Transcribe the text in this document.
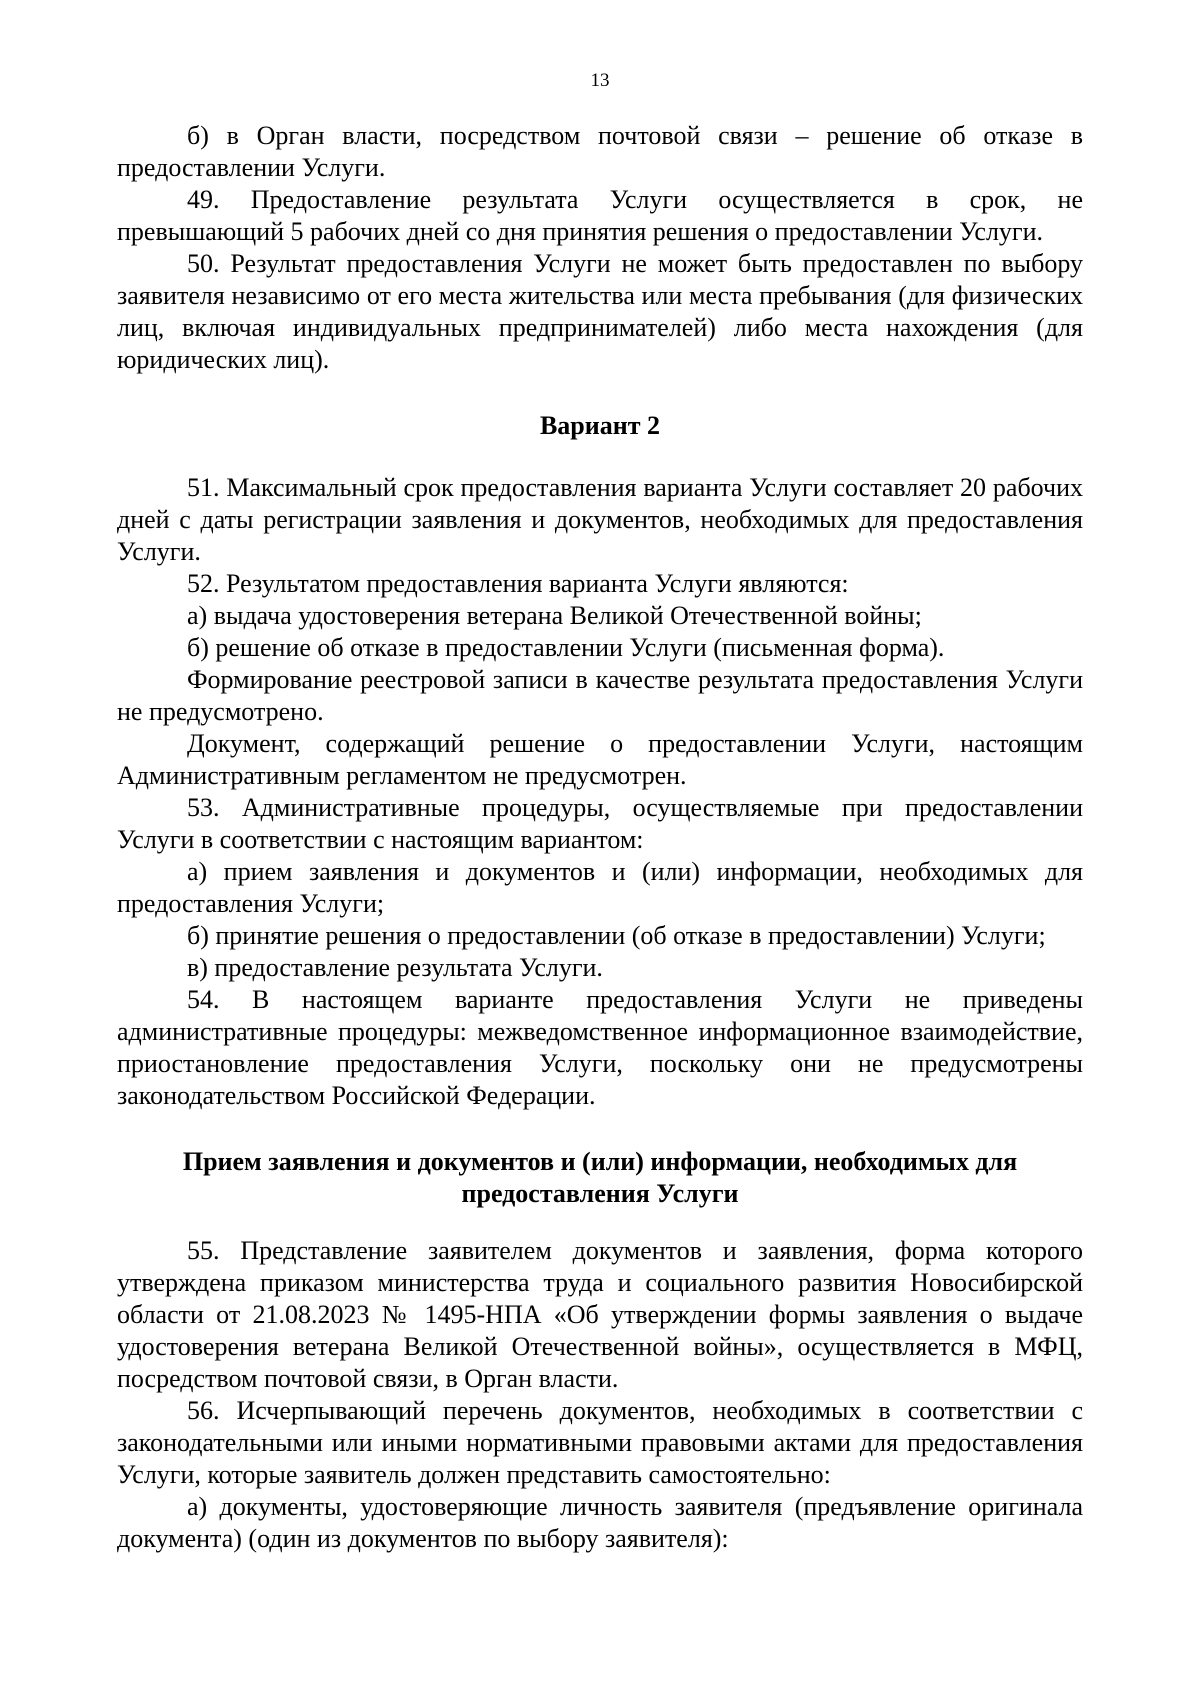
13

б) в Орган власти, посредством почтовой связи – решение об отказе в предоставлении Услуги.

49. Предоставление результата Услуги осуществляется в срок, не превышающий 5 рабочих дней со дня принятия решения о предоставлении Услуги.

50. Результат предоставления Услуги не может быть предоставлен по выбору заявителя независимо от его места жительства или места пребывания (для физических лиц, включая индивидуальных предпринимателей) либо места нахождения (для юридических лиц).

Вариант 2

51. Максимальный срок предоставления варианта Услуги составляет 20 рабочих дней с даты регистрации заявления и документов, необходимых для предоставления Услуги.

52. Результатом предоставления варианта Услуги являются:

а) выдача удостоверения ветерана Великой Отечественной войны;

б) решение об отказе в предоставлении Услуги (письменная форма).

Формирование реестровой записи в качестве результата предоставления Услуги не предусмотрено.

Документ, содержащий решение о предоставлении Услуги, настоящим Административным регламентом не предусмотрен.

53. Административные процедуры, осуществляемые при предоставлении Услуги в соответствии с настоящим вариантом:

а) прием заявления и документов и (или) информации, необходимых для предоставления Услуги;

б) принятие решения о предоставлении (об отказе в предоставлении) Услуги;

в) предоставление результата Услуги.

54. В настоящем варианте предоставления Услуги не приведены административные процедуры: межведомственное информационное взаимодействие, приостановление предоставления Услуги, поскольку они не предусмотрены законодательством Российской Федерации.

Прием заявления и документов и (или) информации, необходимых для
предоставления Услуги

55. Представление заявителем документов и заявления, форма которого утверждена приказом министерства труда и социального развития Новосибирской области от 21.08.2023 № 1495-НПА «Об утверждении формы заявления о выдаче удостоверения ветерана Великой Отечественной войны», осуществляется в МФЦ, посредством почтовой связи, в Орган власти.

56. Исчерпывающий перечень документов, необходимых в соответствии с законодательными или иными нормативными правовыми актами для предоставления Услуги, которые заявитель должен представить самостоятельно:

а) документы, удостоверяющие личность заявителя (предъявление оригинала документа) (один из документов по выбору заявителя):
